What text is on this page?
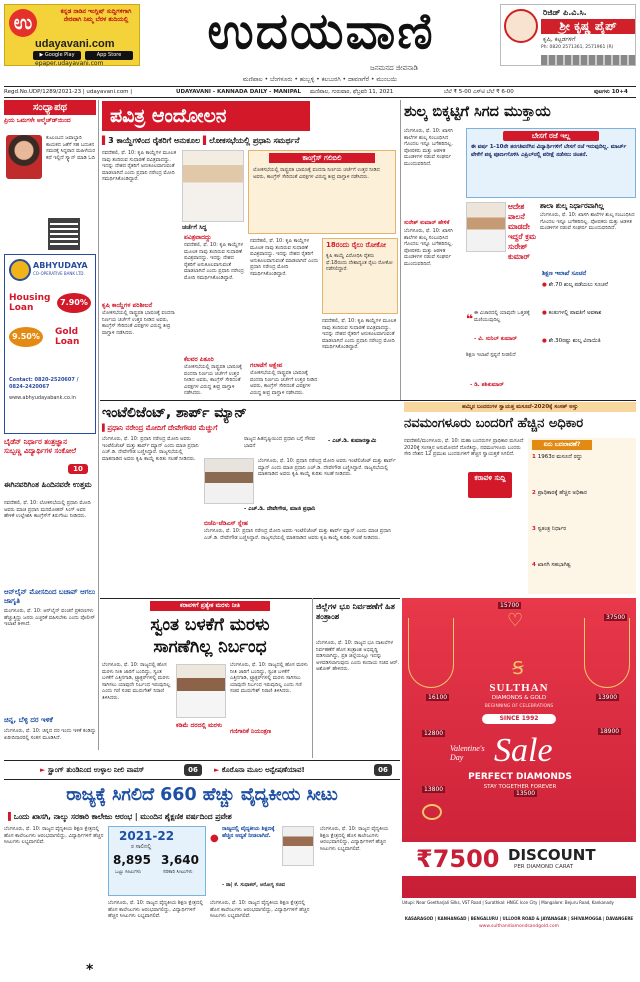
ಉ	ಕನ್ನಡ ನಾಡಿನ ಇಂಗ್ಲಿಷ್ ಸುದ್ದಿಗಳಿಗಾಗಿ ನೇರವಾಗಿ ನಿಮ್ಮ ಬೆರಳ ತುದಿಯಲ್ಲಿ
udayavani.com
▶ Google Play	App Store
epaper.udayavani.com
ಉದಯವಾಣಿ
ಜನಮನದ ಜೀವನಾಡಿ
ರಿಜಿಡ್ ಪಿ.ವಿ.ಸಿ.
ಶ್ರೀ ಕೃಷ್ಣ ಪೈಪ್
ಕೃಷಿ, ಕಟ್ಟಡಗಳಿಗೆ
Ph: 0820 2571361, 2571961 (R)
ಮಣಿಪಾಲ • ಬೆಂಗಳೂರು • ಹುಬ್ಬಳ್ಳಿ • ಕಲಬುರಗಿ • ದಾವಣಗೆರೆ • ಮುಂಬಯಿ
Regd.No.UDP/1289/2021-23 | udayavani.com |	UDAYAVANI - KANNADA DAILY - MANIPAL ಮಣಿಪಾಲ, ಗುರುವಾರ, ಫೆಬ್ರವರಿ 11, 2021	ಬೆಲೆ ₹ 5-00 ಎಸ್‌ಟಿ ಬೆಲೆ ₹ 6-00	ಪುಟಗಳು 10+4
ಸಂಧ್ಯಾಪಥ
ಪ್ರಿಯ ಒಮಗಳೇ ಆಲ್ಮೆಚ್‌ಡ್‌ಯಿಂದ
ಕುಟುಂಬದ ಜವಾಬ್ದಾರಿ ಕಾಯಕದ ಜತೆಗೆ ಸಹ ಬದುಕಿನ ಸಮರಕ್ಕೆ ಸಿದ್ಧರಾದ ಮಹಿಳೆಯರ ಕಥೆ ಇಲ್ಲಿದೆ ಸ್ಕ್ಯಾನ್ ಮಾಡಿ ಓದಿ
ABHYUDAYA
CO-OPERATIVE BANK LTD.
Housing Loan
7.90%
9.50%	Gold Loan
Contact: 0820-2520607 / 0824-2420067
www.abhyudayabank.co.in
ಬೈಡೆನ್‌ ನಿರ್ಧಾರ ತಂತ್ರಜ್ಞಾನ ಸುಬ್ಬಣ್ಣ ವಿದ್ಯಾರ್ಥಿಗಳ ಸಂಕೋಲೆ
10
ಪವಿತ್ರ ಆಂದೋಲನ
▌3 ಕಾಯ್ದೆಗಳಿಂದ ರೈತರಿಗೆ ಅನುಕೂಲ ▌ಲೋಕಸಭೆಯಲ್ಲಿ ಪ್ರಧಾನಿ ಸಮರ್ಥನೆ
ನವದೆಹಲಿ, ಫೆ. 10: ಕೃಷಿ ಕಾಯ್ದೆಗಳ ಮೂಲಕ ನಾವು ತಂದಿರುವ ಸುಧಾರಣೆ ಪವಿತ್ರವಾದದ್ದು. ಇದನ್ನು ದೇಶದ ರೈತರಿಗೆ ಅನುಕೂಲವಾಗುವಂತೆ ಮಾಡಲಾಗಿದೆ ಎಂದು ಪ್ರಧಾನಿ ನರೇಂದ್ರ ಮೋದಿ ಸಮರ್ಥಿಸಿಕೊಂಡಿದ್ದಾರೆ.
ಚರ್ಚೆಗೆ ಸಿದ್ಧ
ಕಾಂಗ್ರೆಸ್‌ ಗಲಿಬಿಲಿ
ಲೋಕಸಭೆಯಲ್ಲಿ ರಾಷ್ಟ್ರಪತಿ ಭಾಷಣಕ್ಕೆ ವಂದನಾ ನಿರ್ಣಯ ಚರ್ಚೆಗೆ ಉತ್ತರ ನೀಡಿದ ಅವರು, ಕಾಂಗ್ರೆಸ್‌ ಸೇರಿದಂತೆ ವಿಪಕ್ಷಗಳ ವಿರುದ್ಧ ತೀವ್ರ ವಾಗ್ದಾಳಿ ನಡೆಸಿದರು.
ಕೃಷಿ ಕಾಯ್ದೆಗಳ ಪರಿಶೀಲನೆ
ಲೋಕಸಭೆಯಲ್ಲಿ ರಾಷ್ಟ್ರಪತಿ ಭಾಷಣಕ್ಕೆ ವಂದನಾ ನಿರ್ಣಯ ಚರ್ಚೆಗೆ ಉತ್ತರ ನೀಡಿದ ಅವರು, ಕಾಂಗ್ರೆಸ್‌ ಸೇರಿದಂತೆ ವಿಪಕ್ಷಗಳ ವಿರುದ್ಧ ತೀವ್ರ ವಾಗ್ದಾಳಿ ನಡೆಸಿದರು.
ಪವಿತ್ರವಾದದ್ದು
ನವದೆಹಲಿ, ಫೆ. 10: ಕೃಷಿ ಕಾಯ್ದೆಗಳ ಮೂಲಕ ನಾವು ತಂದಿರುವ ಸುಧಾರಣೆ ಪವಿತ್ರವಾದದ್ದು. ಇದನ್ನು ದೇಶದ ರೈತರಿಗೆ ಅನುಕೂಲವಾಗುವಂತೆ ಮಾಡಲಾಗಿದೆ ಎಂದು ಪ್ರಧಾನಿ ನರೇಂದ್ರ ಮೋದಿ ಸಮರ್ಥಿಸಿಕೊಂಡಿದ್ದಾರೆ.
ಕೆಲವರ ಪಿತೂರಿ
ಲೋಕಸಭೆಯಲ್ಲಿ ರಾಷ್ಟ್ರಪತಿ ಭಾಷಣಕ್ಕೆ ವಂದನಾ ನಿರ್ಣಯ ಚರ್ಚೆಗೆ ಉತ್ತರ ನೀಡಿದ ಅವರು, ಕಾಂಗ್ರೆಸ್‌ ಸೇರಿದಂತೆ ವಿಪಕ್ಷಗಳ ವಿರುದ್ಧ ತೀವ್ರ ವಾಗ್ದಾಳಿ ನಡೆಸಿದರು.
ನವದೆಹಲಿ, ಫೆ. 10: ಕೃಷಿ ಕಾಯ್ದೆಗಳ ಮೂಲಕ ನಾವು ತಂದಿರುವ ಸುಧಾರಣೆ ಪವಿತ್ರವಾದದ್ದು. ಇದನ್ನು ದೇಶದ ರೈತರಿಗೆ ಅನುಕೂಲವಾಗುವಂತೆ ಮಾಡಲಾಗಿದೆ ಎಂದು ಪ್ರಧಾನಿ ನರೇಂದ್ರ ಮೋದಿ ಸಮರ್ಥಿಸಿಕೊಂಡಿದ್ದಾರೆ.
ಗಲಾಟೆಗೆ ಆಕ್ಷೇಪ
ಲೋಕಸಭೆಯಲ್ಲಿ ರಾಷ್ಟ್ರಪತಿ ಭಾಷಣಕ್ಕೆ ವಂದನಾ ನಿರ್ಣಯ ಚರ್ಚೆಗೆ ಉತ್ತರ ನೀಡಿದ ಅವರು, ಕಾಂಗ್ರೆಸ್‌ ಸೇರಿದಂತೆ ವಿಪಕ್ಷಗಳ ವಿರುದ್ಧ ತೀವ್ರ ವಾಗ್ದಾಳಿ ನಡೆಸಿದರು.
18ರಂದು ರೈಲು ರೋಕೋ
ಕೃಷಿ ಕಾಯ್ದೆ ವಿರೋಧಿಸಿ ರೈತರು ಫೆ.18ರಂದು ದೇಶಾದ್ಯಂತ ರೈಲು ರೋಕೋ ನಡೆಸಲಿದ್ದಾರೆ.
ನವದೆಹಲಿ, ಫೆ. 10: ಕೃಷಿ ಕಾಯ್ದೆಗಳ ಮೂಲಕ ನಾವು ತಂದಿರುವ ಸುಧಾರಣೆ ಪವಿತ್ರವಾದದ್ದು. ಇದನ್ನು ದೇಶದ ರೈತರಿಗೆ ಅನುಕೂಲವಾಗುವಂತೆ ಮಾಡಲಾಗಿದೆ ಎಂದು ಪ್ರಧಾನಿ ನರೇಂದ್ರ ಮೋದಿ ಸಮರ್ಥಿಸಿಕೊಂಡಿದ್ದಾರೆ.
ಶುಲ್ಕ ಬಿಕ್ಕಟ್ಟಿಗೆ ಸಿಗದ ಮುಕ್ತಾಯ
ಬೆಂಗಳೂರು, ಫೆ. 10: ಖಾಸಗಿ ಶಾಲೆಗಳ ಶುಲ್ಕ ಸಂಬಂಧಿಸಿದ ಗೊಂದಲ ಇನ್ನೂ ಬಗೆಹರಿದಿಲ್ಲ. ಪೋಷಕರು ಮತ್ತು ಆಡಳಿತ ಮಂಡಳಿಗಳ ನಡುವೆ ಸಂಘರ್ಷ ಮುಂದುವರಿದಿದೆ.
ಬೇಸಗೆ ರಜೆ ಇಲ್ಲ
ಈ ವರ್ಷ 1-10ನೇ ತರಗತಿವರೆಗಿನ ವಿದ್ಯಾರ್ಥಿಗಳಿಗೆ ಬೇಸಗೆ ರಜೆ ಇರುವುದಿಲ್ಲ. ಮಾರ್ಚ್‌ ವೇಳೆಗೆ ಪಠ್ಯ ಪೂರ್ಣಗೊಳಿಸಿ ಎಪ್ರಿಲ್‌ನಲ್ಲಿ ಪರೀಕ್ಷೆ ನಡೆಸಲು ಚಿಂತನೆ.
ಆದೇಶ ಪಾಲನೆ ಮಾಡದೇ ಇದ್ದರೆ ಕ್ರಮ ಸುರೇಶ್‌ ಕುಮಾರ್‌
ಶಾಲಾ ಶುಲ್ಕ ನಿರ್ಧಾರವಾಗಿಲ್ಲ
ಬೆಂಗಳೂರು, ಫೆ. 10: ಖಾಸಗಿ ಶಾಲೆಗಳ ಶುಲ್ಕ ಸಂಬಂಧಿಸಿದ ಗೊಂದಲ ಇನ್ನೂ ಬಗೆಹರಿದಿಲ್ಲ. ಪೋಷಕರು ಮತ್ತು ಆಡಳಿತ ಮಂಡಳಿಗಳ ನಡುವೆ ಸಂಘರ್ಷ ಮುಂದುವರಿದಿದೆ.
ಸುರೇಶ್‌ ಕುಮಾರ್‌ ಹೇಳಿಕೆ
ಬೆಂಗಳೂರು, ಫೆ. 10: ಖಾಸಗಿ ಶಾಲೆಗಳ ಶುಲ್ಕ ಸಂಬಂಧಿಸಿದ ಗೊಂದಲ ಇನ್ನೂ ಬಗೆಹರಿದಿಲ್ಲ. ಪೋಷಕರು ಮತ್ತು ಆಡಳಿತ ಮಂಡಳಿಗಳ ನಡುವೆ ಸಂಘರ್ಷ ಮುಂದುವರಿದಿದೆ.
❝ ಈ ವಿಚಾರದಲ್ಲಿ ಯಾವುದೇ ಒತ್ತಡಕ್ಕೆ ಮಣಿಯುವುದಿಲ್ಲ
- ವಿ. ಸುನಿಲ್‌ ಕುಮಾರ್‌
ಶಿಕ್ಷಣ ಇಲಾಖೆ ಸ್ಪಷ್ಟನೆ ನೀಡಲಿದೆ
- ಡಿ. ಶಶಿಕುಮಾರ್‌
ಶಿಕ್ಷಣ ಇಲಾಖೆ ಸೂಚನೆ
● ಶೇ.70 ಶುಲ್ಕ ಪಡೆಯಲು ಸೂಚನೆ
● ಕಂತುಗಳಲ್ಲಿ ಪಾವತಿಗೆ ಅವಕಾಶ
● ಶೇ.30ರಷ್ಟು ಶುಲ್ಕ ವಿನಾಯಿತಿ
ಈಗಿನವರಿಗಿಂತ ಹಿಂದಿನವರೇ ಉತ್ತಮ
ನವದೆಹಲಿ, ಫೆ. 10: ಲೋಕಸಭೆಯಲ್ಲಿ ಪ್ರಧಾನಿ ಮೋದಿ ಅವರು ಮಾಜಿ ಪ್ರಧಾನಿ ಮನಮೋಹನ್‌ ಸಿಂಗ್‌ ಅವರ ಹೇಳಿಕೆ ಉಲ್ಲೇಖಿಸಿ ಕಾಂಗ್ರೆಸ್‌ಗೆ ತಿರುಗೇಟು ನೀಡಿದರು.
ಆನ್‌ಲೈನ್‌ ಮೋಸದಿಂದ ಬಚಾವ್‌ ಆಗಲು ಜಾಗೃತಿ
ಮಂಗಳೂರು, ಫೆ. 10: ಆನ್‌ಲೈನ್‌ ವಂಚನೆ ಪ್ರಕರಣಗಳು ಹೆಚ್ಚುತ್ತಿದ್ದು ಜನರು ಎಚ್ಚರಿಕೆ ವಹಿಸಬೇಕು ಎಂದು ಪೊಲೀಸ್‌ ಇಲಾಖೆ ತಿಳಿಸಿದೆ.
ಚಿನ್ನ, ಬೆಳ್ಳಿ ದರ ಇಳಿಕೆ
ಬೆಂಗಳೂರು, ಫೆ. 10: ಚಿನ್ನದ ದರ ಇಂದು ಇಳಿಕೆ ಕಂಡಿದ್ದು ಖರೀದಿದಾರರಲ್ಲಿ ಸಂತಸ ಮೂಡಿಸಿದೆ.
ಇಂಟೆಲಿಜೆಂಟ್‌, ಶಾರ್ಪ್‌ ಮ್ಯಾನ್‌
▌ಪ್ರಧಾನಿ ನರೇಂದ್ರ ಮೋದಿಗೆ ದೇವೇಗೌಡರ ಮೆಚ್ಚುಗೆ
ಬೆಂಗಳೂರು, ಫೆ. 10: ಪ್ರಧಾನಿ ನರೇಂದ್ರ ಮೋದಿ ಅವರು ಇಂಟೆಲಿಜೆಂಟ್‌ ಮತ್ತು ಶಾರ್ಪ್‌ ಮ್ಯಾನ್‌ ಎಂದು ಮಾಜಿ ಪ್ರಧಾನಿ ಎಚ್‌.ಡಿ. ದೇವೇಗೌಡ ಬಣ್ಣಿಸಿದ್ದಾರೆ. ರಾಜ್ಯಸಭೆಯಲ್ಲಿ ಮಾತನಾಡಿದ ಅವರು ಕೃಷಿ ಕಾಯ್ದೆ ಕುರಿತು ಸಲಹೆ ನೀಡಿದರು.
ರಾಜ್ಯದ ಹಿತದೃಷ್ಟಿಯಿಂದ ಪ್ರಧಾನಿ ಬಗ್ಗೆ ಗೌರವ ಭಾವನೆ
- ಎಚ್‌.ಡಿ. ಕುಮಾರಸ್ವಾಮಿ
ಬೆಂಗಳೂರು, ಫೆ. 10: ಪ್ರಧಾನಿ ನರೇಂದ್ರ ಮೋದಿ ಅವರು ಇಂಟೆಲಿಜೆಂಟ್‌ ಮತ್ತು ಶಾರ್ಪ್‌ ಮ್ಯಾನ್‌ ಎಂದು ಮಾಜಿ ಪ್ರಧಾನಿ ಎಚ್‌.ಡಿ. ದೇವೇಗೌಡ ಬಣ್ಣಿಸಿದ್ದಾರೆ. ರಾಜ್ಯಸಭೆಯಲ್ಲಿ ಮಾತನಾಡಿದ ಅವರು ಕೃಷಿ ಕಾಯ್ದೆ ಕುರಿತು ಸಲಹೆ ನೀಡಿದರು.
- ಎಚ್‌.ಡಿ. ದೇವೇಗೌಡ, ಮಾಜಿ ಪ್ರಧಾನಿ
ಬಿಜೆಪಿ-ಜೆಡಿಎಸ್‌ ಸ್ನೇಹ
ಬೆಂಗಳೂರು, ಫೆ. 10: ಪ್ರಧಾನಿ ನರೇಂದ್ರ ಮೋದಿ ಅವರು ಇಂಟೆಲಿಜೆಂಟ್‌ ಮತ್ತು ಶಾರ್ಪ್‌ ಮ್ಯಾನ್‌ ಎಂದು ಮಾಜಿ ಪ್ರಧಾನಿ ಎಚ್‌.ಡಿ. ದೇವೇಗೌಡ ಬಣ್ಣಿಸಿದ್ದಾರೆ. ರಾಜ್ಯಸಭೆಯಲ್ಲಿ ಮಾತನಾಡಿದ ಅವರು ಕೃಷಿ ಕಾಯ್ದೆ ಕುರಿತು ಸಲಹೆ ನೀಡಿದರು.
ಹಮ್ಮಿನ ಬಂದರುಗಳ ಸ್ವಾಯತ್ತ ಮಸೂದೆ-2020ಕ್ಕೆ ಸಂಸತ್‌ ಅಸ್ತು
ನವಮಂಗಳೂರು ಬಂದರಿಗೆ ಹೆಚ್ಚಿನ ಅಧಿಕಾರ
ನವದೆಹಲಿ/ಮಂಗಳೂರು, ಫೆ. 10: ಮಹಾ ಬಂದರುಗಳ ಪ್ರಾಧಿಕಾರ ಮಸೂದೆ 2020ಕ್ಕೆ ಸಂಸತ್ತಿನ ಅನುಮೋದನೆ ದೊರೆತಿದ್ದು, ನವಮಂಗಳೂರು ಬಂದರು ಸೇರಿ ದೇಶದ 12 ಪ್ರಮುಖ ಬಂದರುಗಳಿಗೆ ಹೆಚ್ಚಿನ ಸ್ವಾಯತ್ತತೆ ಸಿಗಲಿದೆ.
ಕರಾವಳಿ ಸುದ್ದಿ
ಏನು ಬದಲಾವಣೆ?
1 1963ರ ಮಸೂದೆ ರದ್ದು
2 ಪ್ರಾಧಿಕಾರಕ್ಕೆ ಹೆಚ್ಚಿನ ಅಧಿಕಾರ
3 ಸ್ವತಂತ್ರ ನಿರ್ಧಾರ
4 ಖಾಸಗಿ ಸಹಭಾಗಿತ್ವ
ಕರಾವಳಿಗೆ ಪ್ರತ್ಯೇಕ ಮರಳು ನೀತಿ
ಸ್ವಂತ ಬಳಕೆಗೆ ಮರಳು ಸಾಗಣೆಗಿಲ್ಲ ನಿರ್ಬಂಧ
ಬೆಂಗಳೂರು, ಫೆ. 10: ರಾಜ್ಯದಲ್ಲಿ ಹೊಸ ಮರಳು ನೀತಿ ಜಾರಿಗೆ ಬಂದಿದ್ದು, ಸ್ವಂತ ಬಳಕೆಗೆ ಎತ್ತಿನಗಾಡಿ, ಟ್ರ್ಯಾಕ್ಟರ್‌ಗಳಲ್ಲಿ ಮರಳು ಸಾಗಿಸಲು ಯಾವುದೇ ನಿರ್ಬಂಧ ಇರುವುದಿಲ್ಲ ಎಂದು ಗಣಿ ಸಚಿವ ಮುರುಗೇಶ್‌ ನಿರಾಣಿ ತಿಳಿಸಿದರು.
ಕಡಿಮೆ ದರದಲ್ಲಿ ಮರಳು
ಬೆಂಗಳೂರು, ಫೆ. 10: ರಾಜ್ಯದಲ್ಲಿ ಹೊಸ ಮರಳು ನೀತಿ ಜಾರಿಗೆ ಬಂದಿದ್ದು, ಸ್ವಂತ ಬಳಕೆಗೆ ಎತ್ತಿನಗಾಡಿ, ಟ್ರ್ಯಾಕ್ಟರ್‌ಗಳಲ್ಲಿ ಮರಳು ಸಾಗಿಸಲು ಯಾವುದೇ ನಿರ್ಬಂಧ ಇರುವುದಿಲ್ಲ ಎಂದು ಗಣಿ ಸಚಿವ ಮುರುಗೇಶ್‌ ನಿರಾಣಿ ತಿಳಿಸಿದರು.
ಗಣಿಗಾರಿಕೆ ನಿಯಂತ್ರಣ
ಜಿಲ್ಲೆಗಳ ಭೂ ನಿರ್ವಹಣೆಗೆ ಹಿತ ತಂತ್ರಾಂಶ
ಬೆಂಗಳೂರು, ಫೆ. 10: ರಾಜ್ಯದ ಭೂ ದಾಖಲೆಗಳ ನಿರ್ವಹಣೆಗೆ ಹೊಸ ತಂತ್ರಾಂಶ ಅಭಿವೃದ್ಧಿ ಪಡಿಸಲಾಗಿದ್ದು, ಪ್ರತಿ ಜಿಲ್ಲೆಯಲ್ಲೂ ಇದನ್ನು ಅಳವಡಿಸಲಾಗುವುದು ಎಂದು ಕಂದಾಯ ಸಚಿವ ಆರ್‌. ಅಶೋಕ್‌ ಹೇಳಿದರು.
♡
15700
37500
16100	13900
12800	18900
13800
13500
Ꞩ
SULTHAN
DIAMONDS & GOLD
BEGINNING OF CELEBRATIONS
SINCE 1992
Valentine's Day Sale
PERFECT DIAMONDS
STAY TOGETHER FOREVER
₹7500 DISCOUNT
PER DIAMOND CARAT
Udupi: Near Geetharjali Silks, VST Road | Surathkal: HNGC Icon City | Mangalore: Bejuru Road, Kankanady
KASARAGOD | KANHANGAD | BENGALURU | ULLOOR ROAD & JAYANAGAR | SHIVAMOGGA | DAVANGERE
www.sulthandiamondsandgold.com
► ಸ್ಪ್ರಾಂಗ್‌ ತುಂಡಿನಿಂದ ಉಳ್ಳಾಲ ನೀಲಿ ವಾಪಸ್‌	06	► ಕೊರೊನಾ ಮೂಲ ಅನ್ವೇಷಣೆಯಾವ!	06
ರಾಜ್ಯಕ್ಕೆ ಸಿಗಲಿದೆ 660 ಹೆಚ್ಚು ವೈದ್ಯಕೀಯ ಸೀಟು
▌ಒಂದು ಖಾಸಗಿ, ನಾಲ್ಕು ಸರಕಾರಿ ಕಾಲೇಜು ಆರಂಭ | ಮುಂದಿನ ಶೈಕ್ಷಣಿಕ ವರ್ಷದಿಂದ ಪ್ರವೇಶ
ಬೆಂಗಳೂರು, ಫೆ. 10: ರಾಜ್ಯದ ವೈದ್ಯಕೀಯ ಶಿಕ್ಷಣ ಕ್ಷೇತ್ರದಲ್ಲಿ ಹೊಸ ಕಾಲೇಜುಗಳು ಆರಂಭವಾಗಲಿದ್ದು, ವಿದ್ಯಾರ್ಥಿಗಳಿಗೆ ಹೆಚ್ಚಿನ ಸೀಟುಗಳು ಲಭ್ಯವಾಗಲಿವೆ.	2021-22
ರ ಸಾಲಿನಲ್ಲಿ
8,895
ಒಟ್ಟು ಸೀಟುಗಳು
3,640
ಸರಕಾರಿ ಸೀಟುಗಳು
ಬೆಂಗಳೂರು, ಫೆ. 10: ರಾಜ್ಯದ ವೈದ್ಯಕೀಯ ಶಿಕ್ಷಣ ಕ್ಷೇತ್ರದಲ್ಲಿ ಹೊಸ ಕಾಲೇಜುಗಳು ಆರಂಭವಾಗಲಿದ್ದು, ವಿದ್ಯಾರ್ಥಿಗಳಿಗೆ ಹೆಚ್ಚಿನ ಸೀಟುಗಳು ಲಭ್ಯವಾಗಲಿವೆ.
●
ರಾಜ್ಯದಲ್ಲಿ ವೈದ್ಯಕೀಯ ಶಿಕ್ಷಣಕ್ಕೆ ಹೆಚ್ಚಿನ ಆದ್ಯತೆ ನೀಡಲಾಗಿದೆ.
- ಡಾ| ಕೆ. ಸುಧಾಕರ್‌, ಆರೋಗ್ಯ ಸಚಿವ
ಬೆಂಗಳೂರು, ಫೆ. 10: ರಾಜ್ಯದ ವೈದ್ಯಕೀಯ ಶಿಕ್ಷಣ ಕ್ಷೇತ್ರದಲ್ಲಿ ಹೊಸ ಕಾಲೇಜುಗಳು ಆರಂಭವಾಗಲಿದ್ದು, ವಿದ್ಯಾರ್ಥಿಗಳಿಗೆ ಹೆಚ್ಚಿನ ಸೀಟುಗಳು ಲಭ್ಯವಾಗಲಿವೆ.
ಬೆಂಗಳೂರು, ಫೆ. 10: ರಾಜ್ಯದ ವೈದ್ಯಕೀಯ ಶಿಕ್ಷಣ ಕ್ಷೇತ್ರದಲ್ಲಿ ಹೊಸ ಕಾಲೇಜುಗಳು ಆರಂಭವಾಗಲಿದ್ದು, ವಿದ್ಯಾರ್ಥಿಗಳಿಗೆ ಹೆಚ್ಚಿನ ಸೀಟುಗಳು ಲಭ್ಯವಾಗಲಿವೆ.
*
